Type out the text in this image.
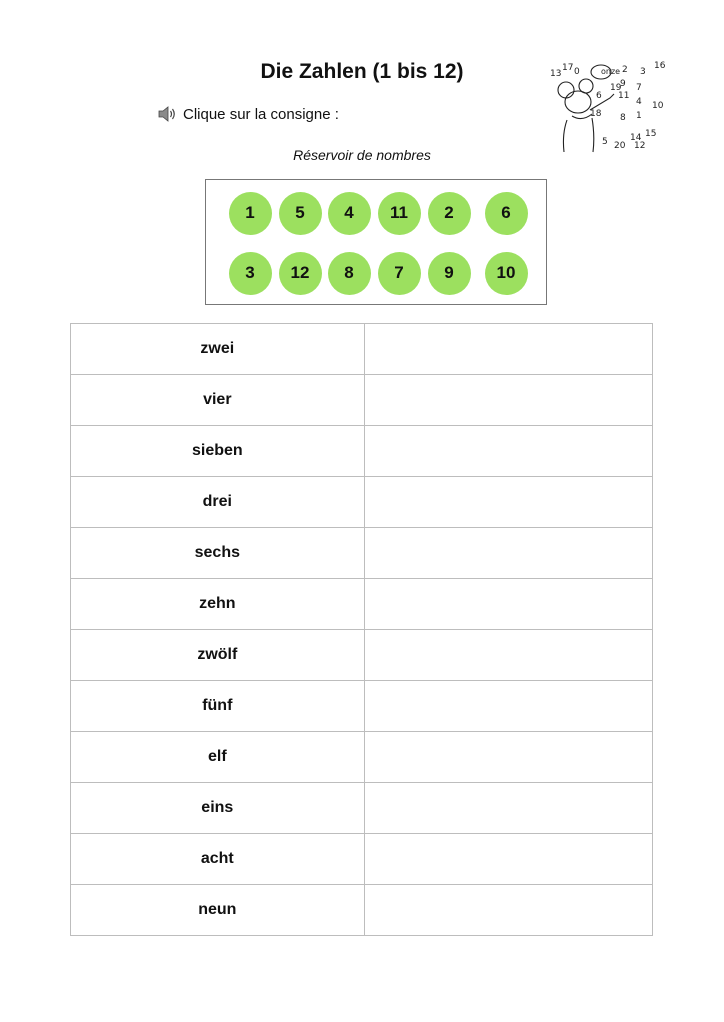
Die Zahlen (1 bis 12)
Clique sur la consigne :
13
17 0	onze 2 3
16
19
9 7
6 11
4 10
18 8 1
5 20
14 15
12
Réservoir de nombres
1	5	4	11	2	6
3	12	8	7	9	10
zwei	
vier	
sieben	
drei	
sechs	
zehn	
zwölf	
fünf	
elf	
eins	
acht	
neun	
